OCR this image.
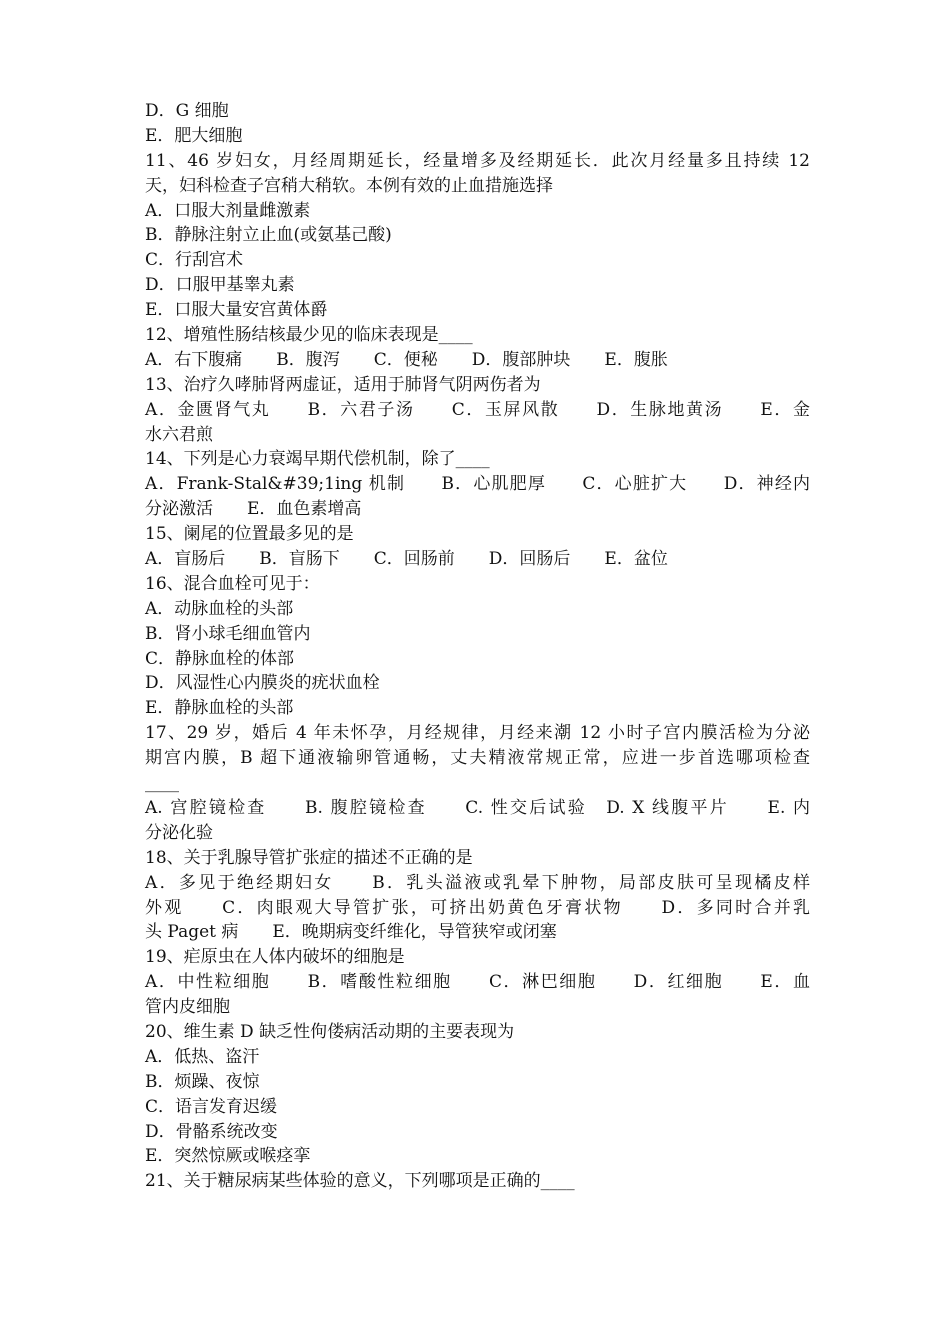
D．G 细胞
E．肥大细胞
11、46 岁妇女，月经周期延长，经量增多及经期延长．此次月经量多且持续 12
天，妇科检查子宫稍大稍软。本例有效的止血措施选择
A．口服大剂量雌激素
B．静脉注射立止血(或氨基己酸)
C．行刮宫术
D．口服甲基睾丸素
E．口服大量安宫黄体爵
12、增殖性肠结核最少见的临床表现是____
A．右下腹痛　　B．腹泻　　C．便秘　　D．腹部肿块　　E．腹胀
13、治疗久哮肺肾两虚证，适用于肺肾气阴两伤者为
A．金匮肾气丸　　B．六君子汤　　C．玉屏风散　　D．生脉地黄汤　　E．金
水六君煎
14、下列是心力衰竭早期代偿机制，除了____
A．Frank-Stal&#39;1ing 机制　　B．心肌肥厚　　C．心脏扩大　　D．神经内
分泌激活　　E．血色素增高
15、阑尾的位置最多见的是
A．盲肠后　　B．盲肠下　　C．回肠前　　D．回肠后　　E．盆位
16、混合血栓可见于：
A．动脉血栓的头部
B．肾小球毛细血管内
C．静脉血栓的体部
D．风湿性心内膜炎的疣状血栓
E．静脉血栓的头部
17、29 岁，婚后 4 年未怀孕，月经规律，月经来潮 12 小时子宫内膜活检为分泌
期宫内膜，B 超下通液输卵管通畅，丈夫精液常规正常，应进一步首选哪项检查
____
A. 宫腔镜检查　　B. 腹腔镜检查　　C. 性交后试验　D. X 线腹平片　　E. 内
分泌化验
18、关于乳腺导管扩张症的描述不正确的是
A．多见于绝经期妇女　　B．乳头溢液或乳晕下肿物，局部皮肤可呈现橘皮样
外观　　C．肉眼观大导管扩张，可挤出奶黄色牙膏状物　　D．多同时合并乳
头 Paget 病　　E．晚期病变纤维化，导管狭窄或闭塞
19、疟原虫在人体内破坏的细胞是
A．中性粒细胞　　B．嗜酸性粒细胞　　C．淋巴细胞　　D．红细胞　　E．血
管内皮细胞
20、维生素 D 缺乏性佝偻病活动期的主要表现为
A．低热、盗汗
B．烦躁、夜惊
C．语言发育迟缓
D．骨骼系统改变
E．突然惊厥或喉痉挛
21、关于糖尿病某些体验的意义，下列哪项是正确的____
